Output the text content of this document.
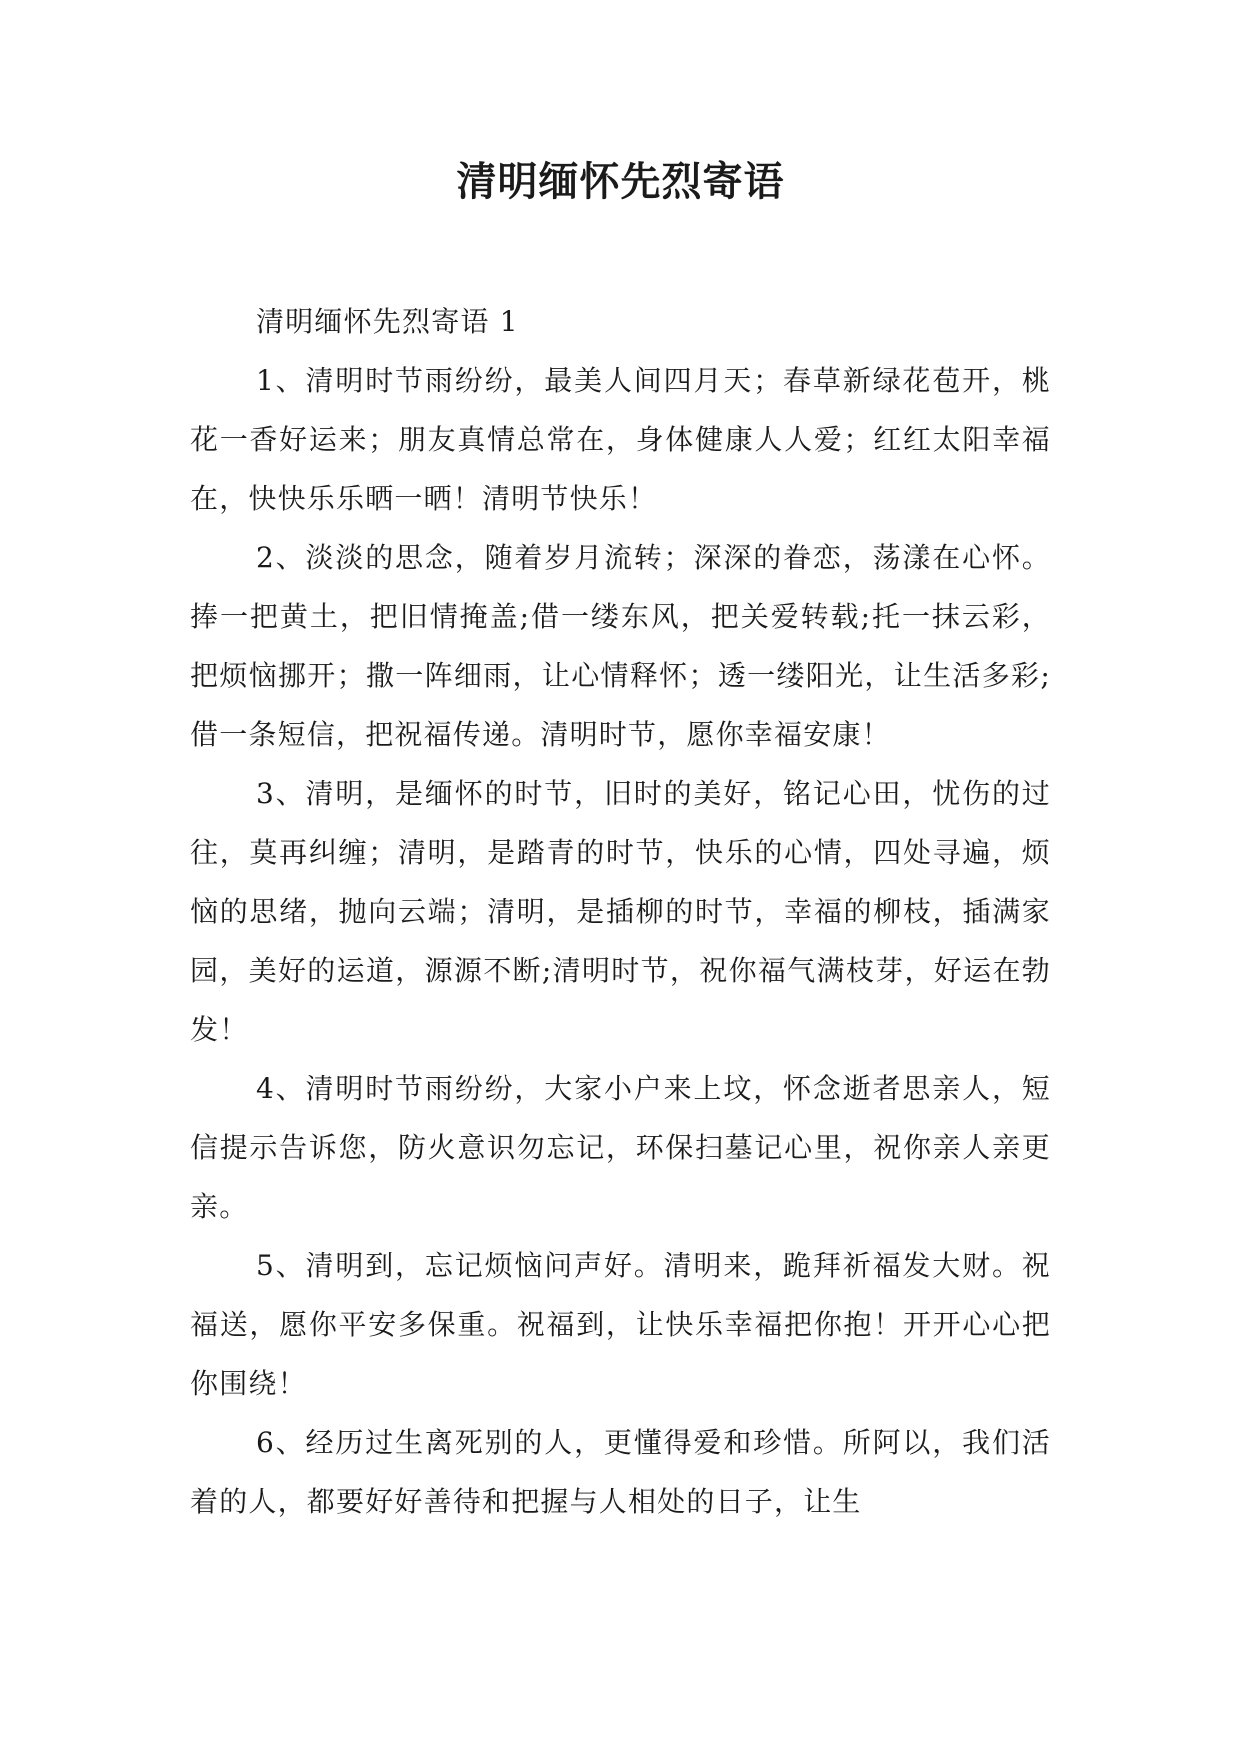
清明缅怀先烈寄语

清明缅怀先烈寄语 1

1、清明时节雨纷纷，最美人间四月天；春草新绿花苞开，桃花一香好运来；朋友真情总常在，身体健康人人爱；红红太阳幸福在，快快乐乐晒一晒！清明节快乐！

2、淡淡的思念，随着岁月流转；深深的眷恋，荡漾在心怀。捧一把黄土，把旧情掩盖;借一缕东风，把关爱转载;托一抹云彩，把烦恼挪开；撒一阵细雨，让心情释怀；透一缕阳光，让生活多彩;借一条短信，把祝福传递。清明时节，愿你幸福安康！

3、清明，是缅怀的时节，旧时的美好，铭记心田，忧伤的过往，莫再纠缠；清明，是踏青的时节，快乐的心情，四处寻遍，烦恼的思绪，抛向云端；清明，是插柳的时节，幸福的柳枝，插满家园，美好的运道，源源不断;清明时节，祝你福气满枝芽，好运在勃发！

4、清明时节雨纷纷，大家小户来上坟，怀念逝者思亲人，短信提示告诉您，防火意识勿忘记，环保扫墓记心里，祝你亲人亲更亲。

5、清明到，忘记烦恼问声好。清明来，跪拜祈福发大财。祝福送，愿你平安多保重。祝福到，让快乐幸福把你抱！开开心心把你围绕！

6、经历过生离死别的人，更懂得爱和珍惜。所阿以，我们活着的人，都要好好善待和把握与人相处的日子，让生
